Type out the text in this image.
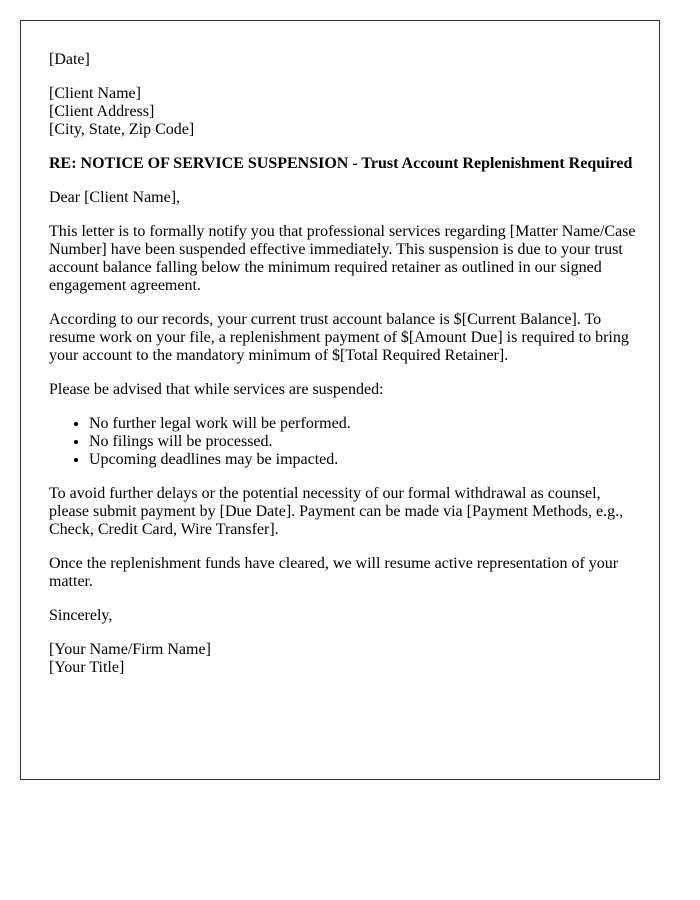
[Date]
[Client Name]
[Client Address]
[City, State, Zip Code]

RE: NOTICE OF SERVICE SUSPENSION - Trust Account Replenishment Required

Dear [Client Name],

This letter is to formally notify you that professional services regarding [Matter Name/Case Number] have been suspended effective immediately. This suspension is due to your trust account balance falling below the minimum required retainer as outlined in our signed engagement agreement.

According to our records, your current trust account balance is $[Current Balance]. To resume work on your file, a replenishment payment of $[Amount Due] is required to bring your account to the mandatory minimum of $[Total Required Retainer].

Please be advised that while services are suspended:

• No further legal work will be performed.
• No filings will be processed.
• Upcoming deadlines may be impacted.

To avoid further delays or the potential necessity of our formal withdrawal as counsel, please submit payment by [Due Date]. Payment can be made via [Payment Methods, e.g., Check, Credit Card, Wire Transfer].

Once the replenishment funds have cleared, we will resume active representation of your matter.

Sincerely,

[Your Name/Firm Name]
[Your Title]
